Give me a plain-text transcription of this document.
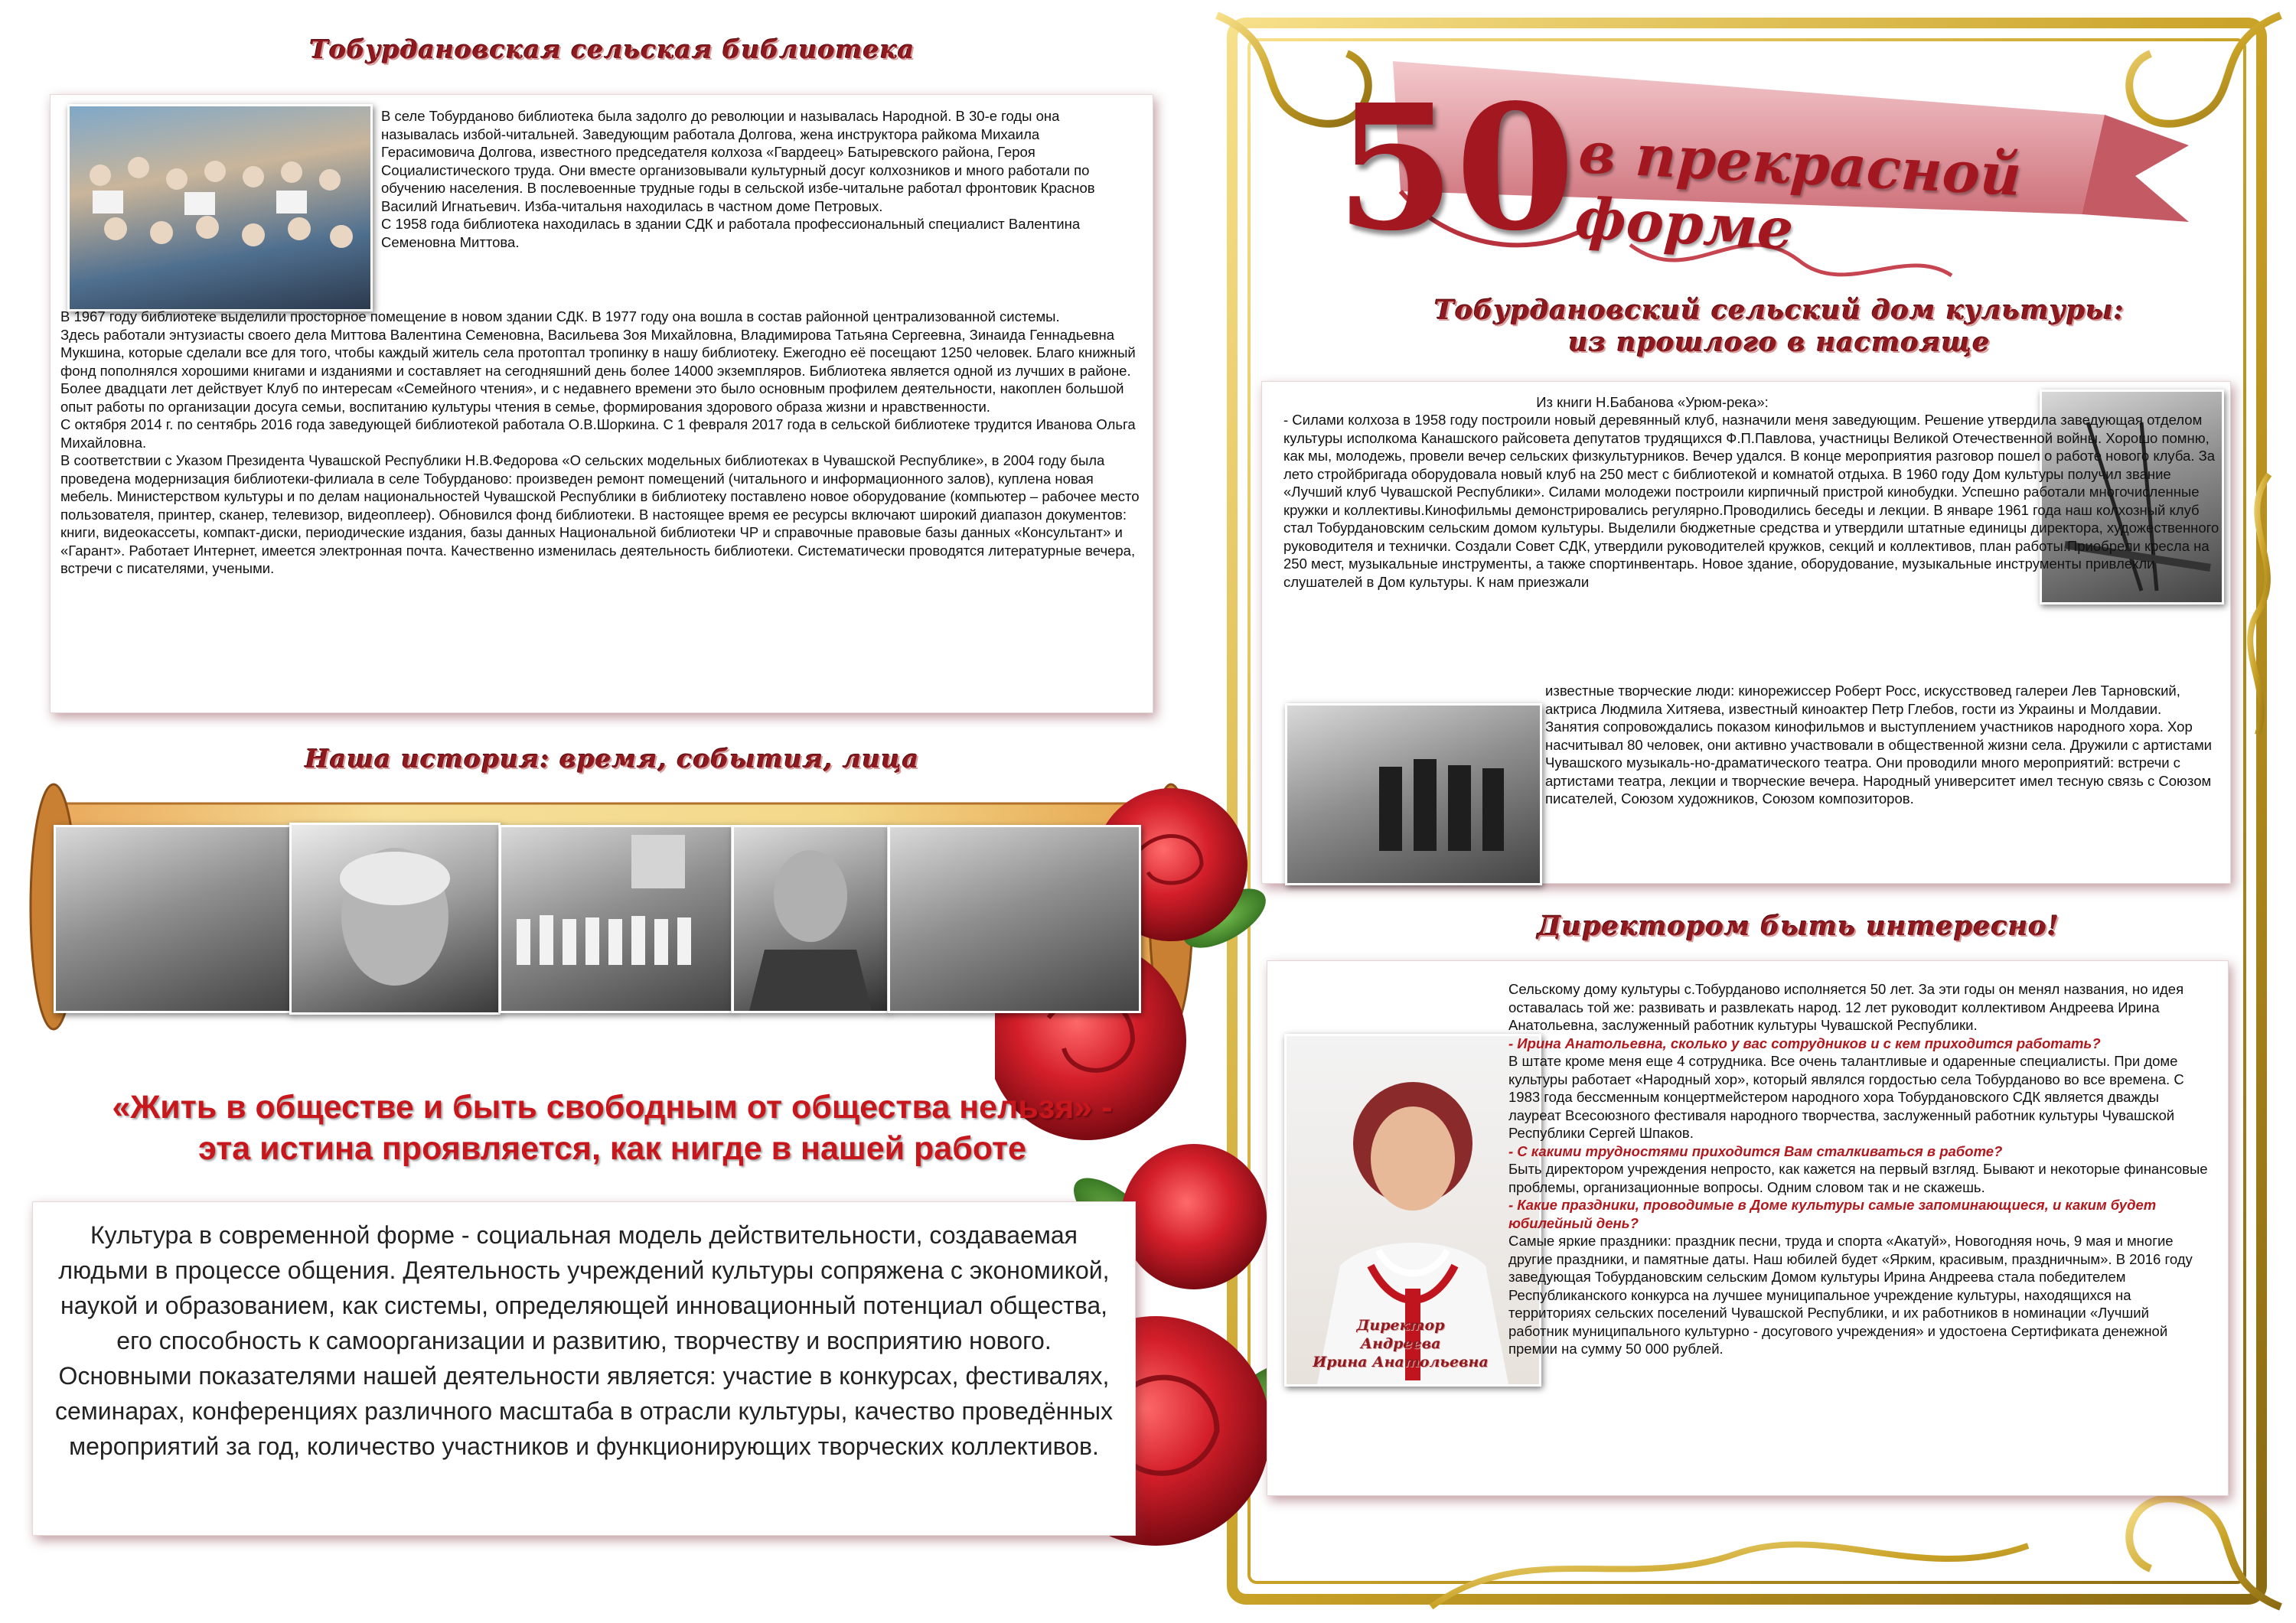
Тобурдановская сельская библиотека

В селе Тобурданово библиотека была задолго до революции и называлась Народной. В 30-е годы она называлась избой-читальней. Заведующим работала Долгова, жена инструктора райкома Михаила Герасимовича Долгова, известного председателя колхоза «Гвардеец» Батыревского района, Героя Социалистического труда. Они вместе организовывали культурный досуг колхозников и много работали по обучению населения. В послевоенные трудные годы в сельской избе-читальне работал фронтовик Краснов Василий Игнатьевич. Изба-читальня находилась в частном доме Петровых.

С 1958 года библиотека находилась в здании СДК и работала профессиональный специалист Валентина Семеновна Миттова.

В 1967 году библиотеке выделили просторное помещение в новом здании СДК. В 1977 году она вошла в состав районной централизованной системы.

Здесь работали энтузиасты своего дела Миттова Валентина Семеновна, Васильева Зоя Михайловна, Владимирова Татьяна Сергеевна, Зинаида Геннадьевна Мукшина, которые сделали все для того, чтобы каждый житель села протоптал тропинку в нашу библиотеку. Ежегодно её посещают 1250 человек. Благо книжный фонд пополнялся хорошими книгами и изданиями и составляет на сегодняшний день более 14000 экземпляров. Библиотека является одной из лучших в районе. Более двадцати лет действует Клуб по интересам «Семейного чтения», и с недавнего времени это было основным профилем деятельности, накоплен большой опыт работы по организации досуга семьи, воспитанию культуры чтения в семье, формирования здорового образа жизни и нравственности.

С октября 2014 г. по сентябрь 2016 года заведующей библиотекой работала О.В.Шоркина. С 1 февраля 2017 года в сельской библиотеке трудится Иванова Ольга Михайловна.

В соответствии с Указом Президента Чувашской Республики Н.В.Федорова «О сельских модельных библиотеках в Чувашской Республике», в 2004 году была проведена модернизация библиотеки-филиала в селе Тобурданово: произведен ремонт помещений (читального и информационного залов), куплена новая мебель. Министерством культуры и по делам национальностей Чувашской Республики в библиотеку поставлено новое оборудование (компьютер – рабочее место пользователя, принтер, сканер, телевизор, видеоплеер). Обновился фонд библиотеки. В настоящее время ее ресурсы включают широкий диапазон документов: книги, видеокассеты, компакт-диски, периодические издания, базы данных Национальной библиотеки ЧР и справочные правовые базы данных «Консультант» и «Гарант». Работает Интернет, имеется электронная почта. Качественно изменилась деятельность библиотеки. Систематически проводятся литературные вечера, встречи с писателями, учеными.

Наша история: время, события, лица
«Жить в обществе и быть свободным от общества нельзя» -
эта истина проявляется, как нигде в нашей работе
Культура в современной форме - социальная модель действительности, создаваемая людьми в процессе общения. Деятельность учреждений культуры сопряжена с экономикой, наукой и образованием, как системы, определяющей инновационный потенциал общества, его способность к самоорганизации и развитию, творчеству и восприятию нового. Основными показателями нашей деятельности является: участие в конкурсах, фестивалях, семинарах, конференциях различного масштаба в отрасли культуры, качество проведённых мероприятий за год, количество участников и функционирующих творческих коллективов.
50 в прекрасной форме
Тобурдановский сельский дом культуры:
из прошлого в настояще
Из книги Н.Бабанова «Урюм-река»:
- Силами колхоза в 1958 году построили новый деревянный клуб, назначили меня заведующим. Решение утвердила заведующая отделом культуры исполкома Канашского райсовета депутатов трудящихся Ф.П.Павлова, участницы Великой Отечественной войны. Хорошо помню, как мы, молодежь, провели вечер сельских физкультурников. Вечер удался. В конце мероприятия разговор пошел о работе нового клуба. За лето стройбригада оборудовала новый клуб на 250 мест с библиотекой и комнатой отдыха. В 1960 году Дом культуры получил звание «Лучший клуб Чувашской Республики». Силами молодежи построили кирпичный пристрой кинобудки. Успешно работали многочисленные кружки и коллективы.Кинофильмы демонстрировались регулярно.Проводились беседы и лекции. В январе 1961 года наш колхозный клуб стал Тобурдановским сельским домом культуры. Выделили бюджетные средства и утвердили штатные единицы директора, художественного руководителя и технички. Создали Совет СДК, утвердили руководителей кружков, секций и коллективов, план работы.Приобрели кресла на 250 мест, музыкальные инструменты, а также спортинвентарь. Новое здание, оборудование, музыкальные инструменты привлекли слушателей в Дом культуры. К нам приезжали
известные творческие люди: кинорежиссер Роберт Росс, искусствовед галереи Лев Тарновский, актриса Людмила Хитяева, известный киноактер Петр Глебов, гости из Украины и Молдавии. Занятия сопровождались показом кинофильмов и выступлением участников народного хора. Хор насчитывал 80 человек, они активно участвовали в общественной жизни села. Дружили с артистами Чувашского музыкаль-но-драматического театра. Они проводили много мероприятий: встречи с артистами театра, лекции и творческие вечера. Народный университет имел тесную связь с Союзом писателей, Союзом художников, Союзом композиторов.
Директором быть интересно!

Сельскому дому культуры с.Тобурданово исполняется 50 лет. За эти годы он менял названия, но идея оставалась той же: развивать и развлекать народ. 12 лет руководит коллективом Андреева Ирина Анатольевна, заслуженный работник культуры Чувашской Республики.

- Ирина Анатольевна, сколько у вас сотрудников и с кем приходится работать?

В штате кроме меня еще 4 сотрудника. Все очень талантливые и одаренные специалисты. При доме культуры работает «Народный хор», который являлся гордостью села Тобурданово во все времена. С 1983 года бессменным концертмейстером народного хора Тобурдановского СДК является дважды лауреат Всесоюзного фестиваля народного творчества, заслуженный работник культуры Чувашской Республики Сергей Шпаков.

- С какими трудностями приходится Вам сталкиваться в работе?

Быть директором учреждения непросто, как кажется на первый взгляд. Бывают и некоторые финансовые проблемы, организационные вопросы. Одним словом так и не скажешь.

- Какие праздники, проводимые в Доме культуры самые запоминающиеся, и каким будет юбилейный день?

Самые яркие праздники: праздник песни, труда и спорта «Акатуй», Новогодняя ночь, 9 мая и многие другие праздники, и памятные даты. Наш юбилей будет «Ярким, красивым, праздничным». В 2016 году заведующая Тобурдановским сельским Домом культуры Ирина Андреева стала победителем Республиканского конкурса на лучшее муниципальное учреждение культуры, находящихся на территориях сельских поселений Чувашской Республики, и их работников в номинации «Лучший работник муниципального культурно - досугового учреждения» и удостоена Сертификата денежной премии на сумму 50 000 рублей.

Директор
Андреева
Ирина Анатольевна
